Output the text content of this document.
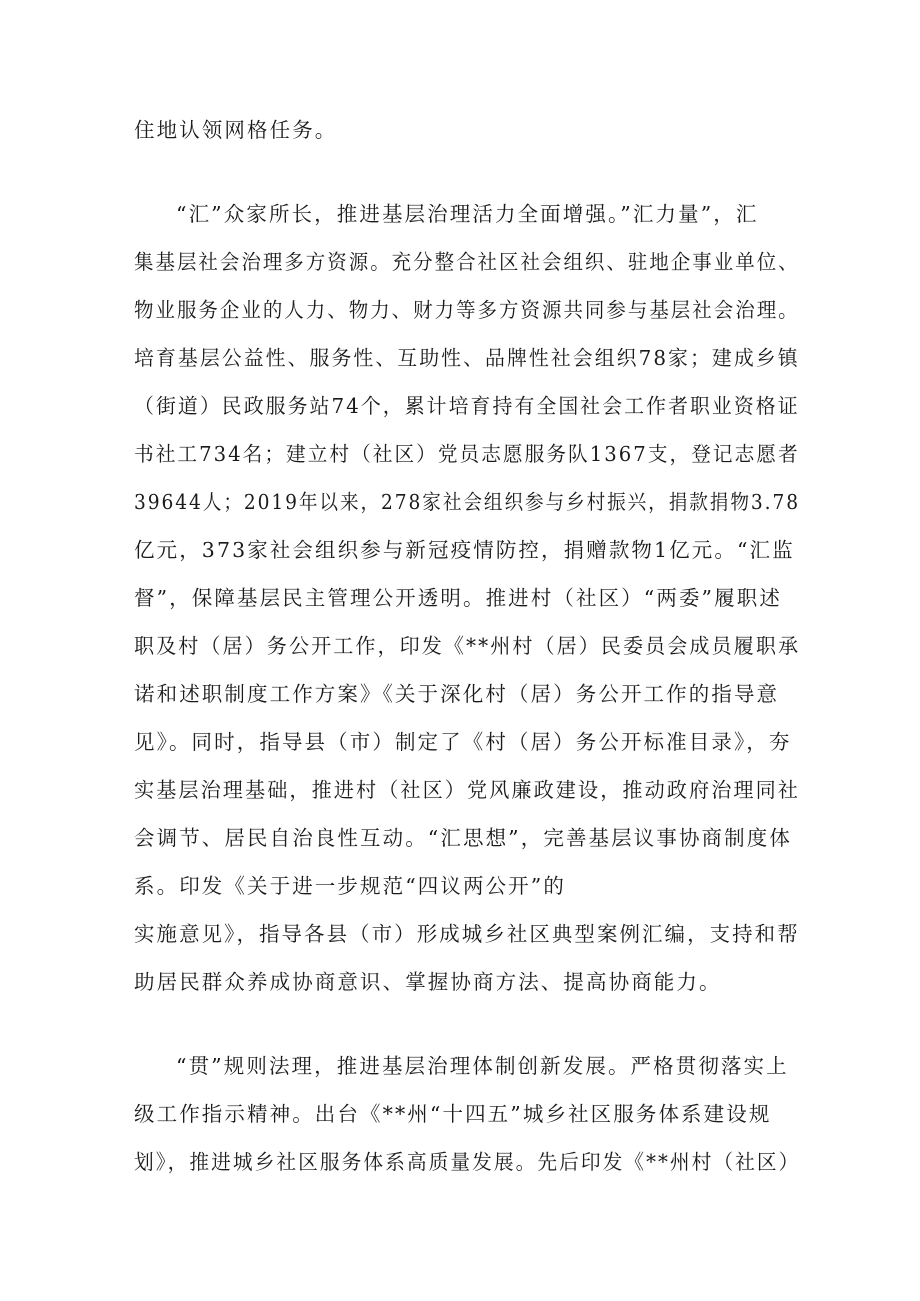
住地认领网格任务。
“汇”众家所长，推进基层治理活力全面增强。”汇力量”，汇
集基层社会治理多方资源。充分整合社区社会组织、驻地企事业单位、
物业服务企业的人力、物力、财力等多方资源共同参与基层社会治理。
培育基层公益性、服务性、互助性、品牌性社会组织78家；建成乡镇
（街道）民政服务站74个，累计培育持有全国社会工作者职业资格证
书社工734名；建立村（社区）党员志愿服务队1367支，登记志愿者
39644人；2019年以来，278家社会组织参与乡村振兴，捐款捐物3.78
亿元，373家社会组织参与新冠疫情防控，捐赠款物1亿元。“汇监
督”，保障基层民主管理公开透明。推进村（社区）“两委”履职述
职及村（居）务公开工作，印发《**州村（居）民委员会成员履职承
诺和述职制度工作方案》《关于深化村（居）务公开工作的指导意
见》。同时，指导县（市）制定了《村（居）务公开标准目录》，夯
实基层治理基础，推进村（社区）党风廉政建设，推动政府治理同社
会调节、居民自治良性互动。“汇思想”，完善基层议事协商制度体
系。印发《关于进一步规范“四议两公开”的
实施意见》，指导各县（市）形成城乡社区典型案例汇编，支持和帮
助居民群众养成协商意识、掌握协商方法、提高协商能力。
“贯”规则法理，推进基层治理体制创新发展。严格贯彻落实上
级工作指示精神。出台《**州“十四五”城乡社区服务体系建设规
划》，推进城乡社区服务体系高质量发展。先后印发《**州村（社区）
